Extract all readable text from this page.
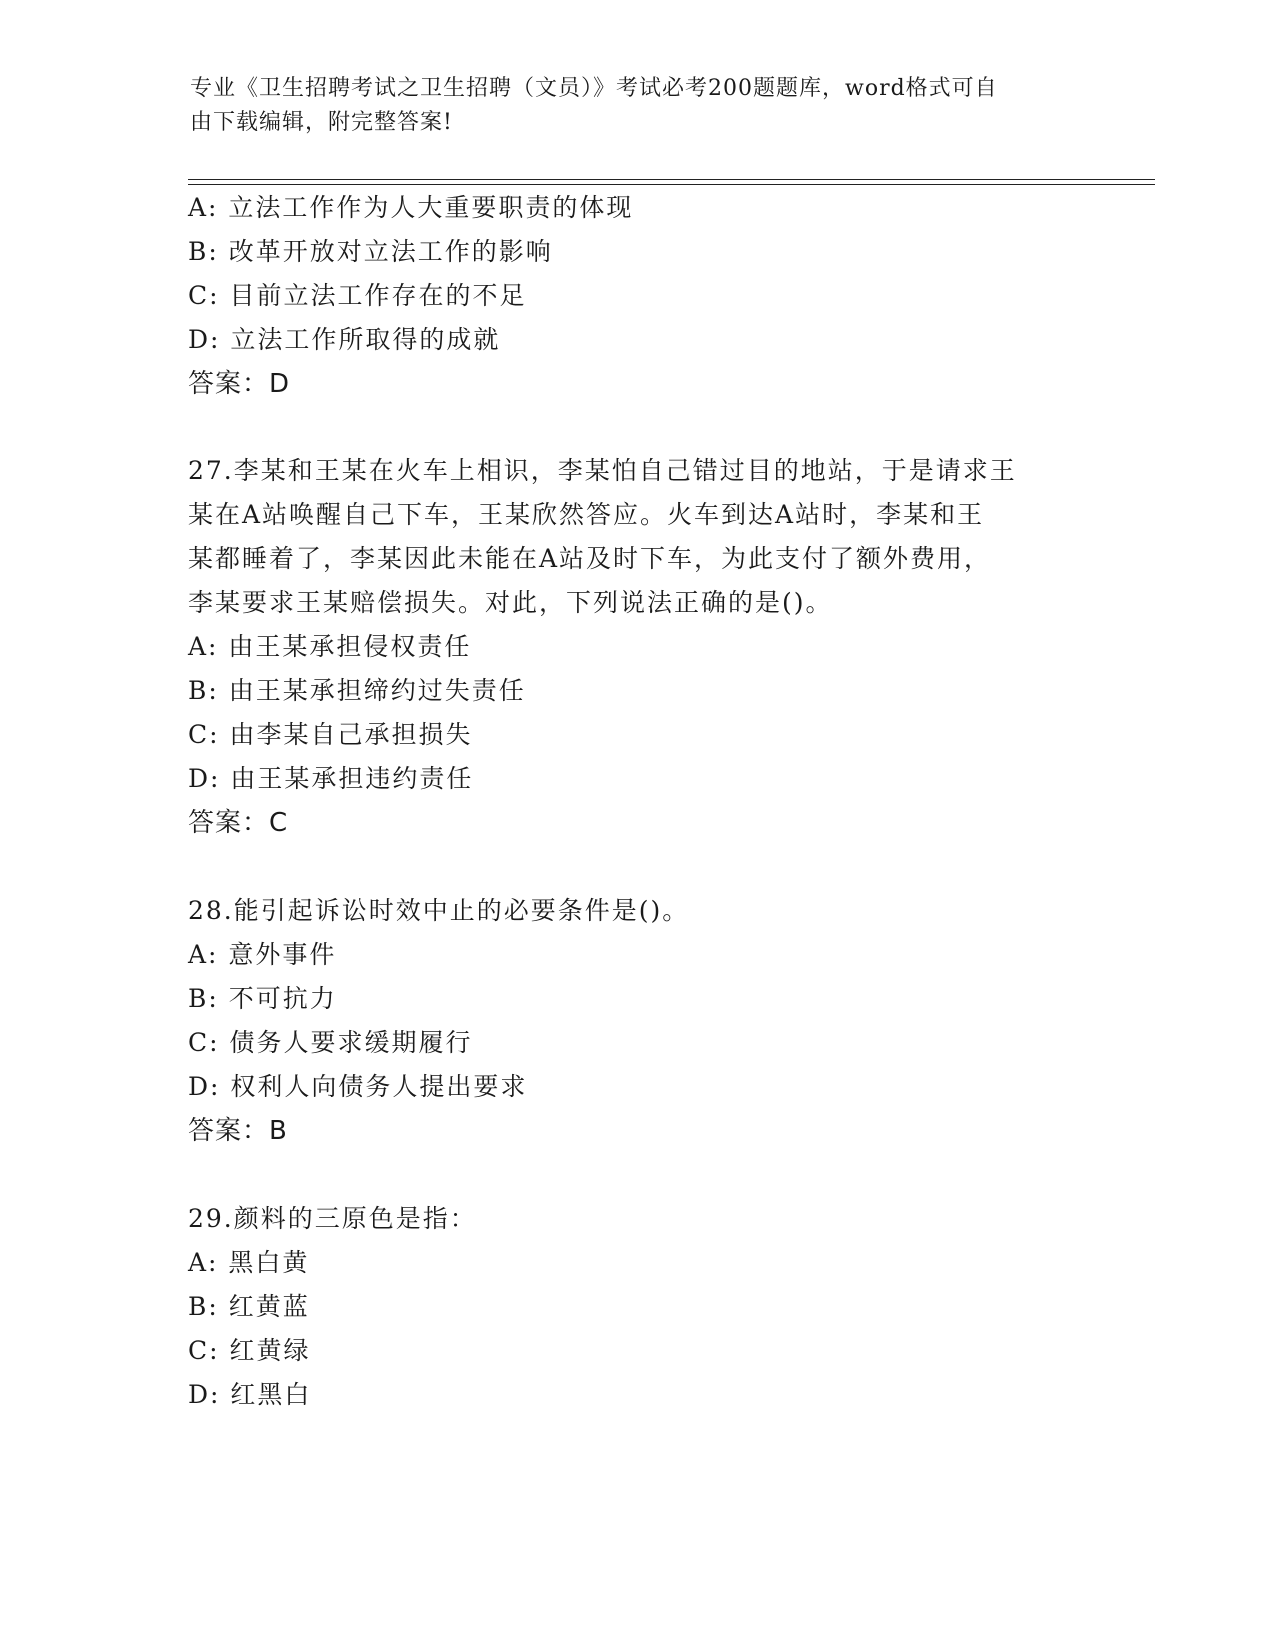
专业《卫生招聘考试之卫生招聘（文员）》考试必考200题题库，word格式可自
由下载编辑，附完整答案!
A: 立法工作作为人大重要职责的体现
B: 改革开放对立法工作的影响
C: 目前立法工作存在的不足
D: 立法工作所取得的成就
答案：D
27.李某和王某在火车上相识，李某怕自己错过目的地站，于是请求王
某在A站唤醒自己下车，王某欣然答应。火车到达A站时，李某和王
某都睡着了，李某因此未能在A站及时下车，为此支付了额外费用，
李某要求王某赔偿损失。对此，下列说法正确的是()。
A: 由王某承担侵权责任
B: 由王某承担缔约过失责任
C: 由李某自己承担损失
D: 由王某承担违约责任
答案：C
28.能引起诉讼时效中止的必要条件是()。
A: 意外事件
B: 不可抗力
C: 债务人要求缓期履行
D: 权利人向债务人提出要求
答案：B
29.颜料的三原色是指：
A: 黑白黄
B: 红黄蓝
C: 红黄绿
D: 红黑白
